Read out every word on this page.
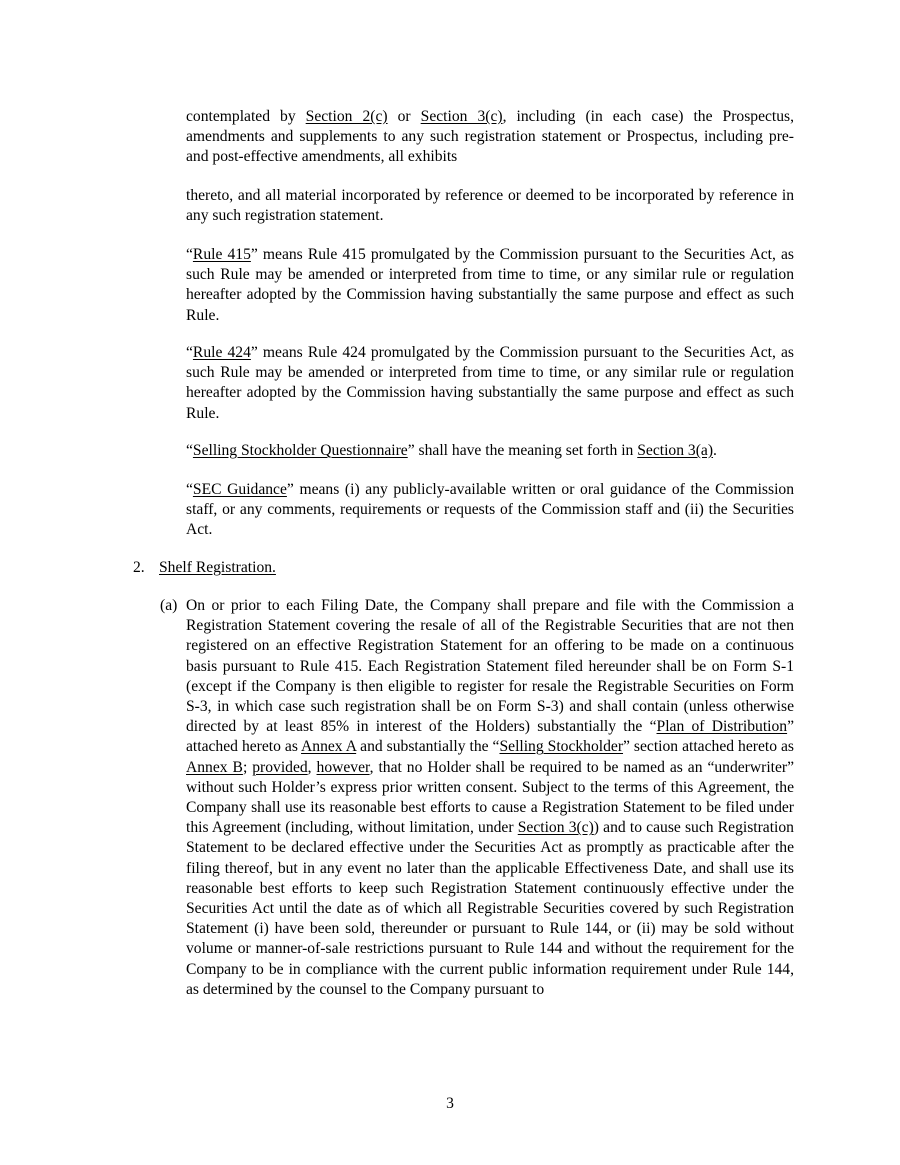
contemplated by Section 2(c) or Section 3(c), including (in each case) the Prospectus, amendments and supplements to any such registration statement or Prospectus, including pre- and post-effective amendments, all exhibits

thereto, and all material incorporated by reference or deemed to be incorporated by reference in any such registration statement.

“Rule 415” means Rule 415 promulgated by the Commission pursuant to the Securities Act, as such Rule may be amended or interpreted from time to time, or any similar rule or regulation hereafter adopted by the Commission having substantially the same purpose and effect as such Rule.

“Rule 424” means Rule 424 promulgated by the Commission pursuant to the Securities Act, as such Rule may be amended or interpreted from time to time, or any similar rule or regulation hereafter adopted by the Commission having substantially the same purpose and effect as such Rule.

“Selling Stockholder Questionnaire” shall have the meaning set forth in Section 3(a).

“SEC Guidance” means (i) any publicly-available written or oral guidance of the Commission staff, or any comments, requirements or requests of the Commission staff and (ii) the Securities Act.

2. Shelf Registration.

(a) On or prior to each Filing Date, the Company shall prepare and file with the Commission a Registration Statement covering the resale of all of the Registrable Securities that are not then registered on an effective Registration Statement for an offering to be made on a continuous basis pursuant to Rule 415. Each Registration Statement filed hereunder shall be on Form S-1 (except if the Company is then eligible to register for resale the Registrable Securities on Form S-3, in which case such registration shall be on Form S-3) and shall contain (unless otherwise directed by at least 85% in interest of the Holders) substantially the “Plan of Distribution” attached hereto as Annex A and substantially the “Selling Stockholder” section attached hereto as Annex B; provided, however, that no Holder shall be required to be named as an “underwriter” without such Holder’s express prior written consent. Subject to the terms of this Agreement, the Company shall use its reasonable best efforts to cause a Registration Statement to be filed under this Agreement (including, without limitation, under Section 3(c)) and to cause such Registration Statement to be declared effective under the Securities Act as promptly as practicable after the filing thereof, but in any event no later than the applicable Effectiveness Date, and shall use its reasonable best efforts to keep such Registration Statement continuously effective under the Securities Act until the date as of which all Registrable Securities covered by such Registration Statement (i) have been sold, thereunder or pursuant to Rule 144, or (ii) may be sold without volume or manner-of-sale restrictions pursuant to Rule 144 and without the requirement for the Company to be in compliance with the current public information requirement under Rule 144, as determined by the counsel to the Company pursuant to

3
